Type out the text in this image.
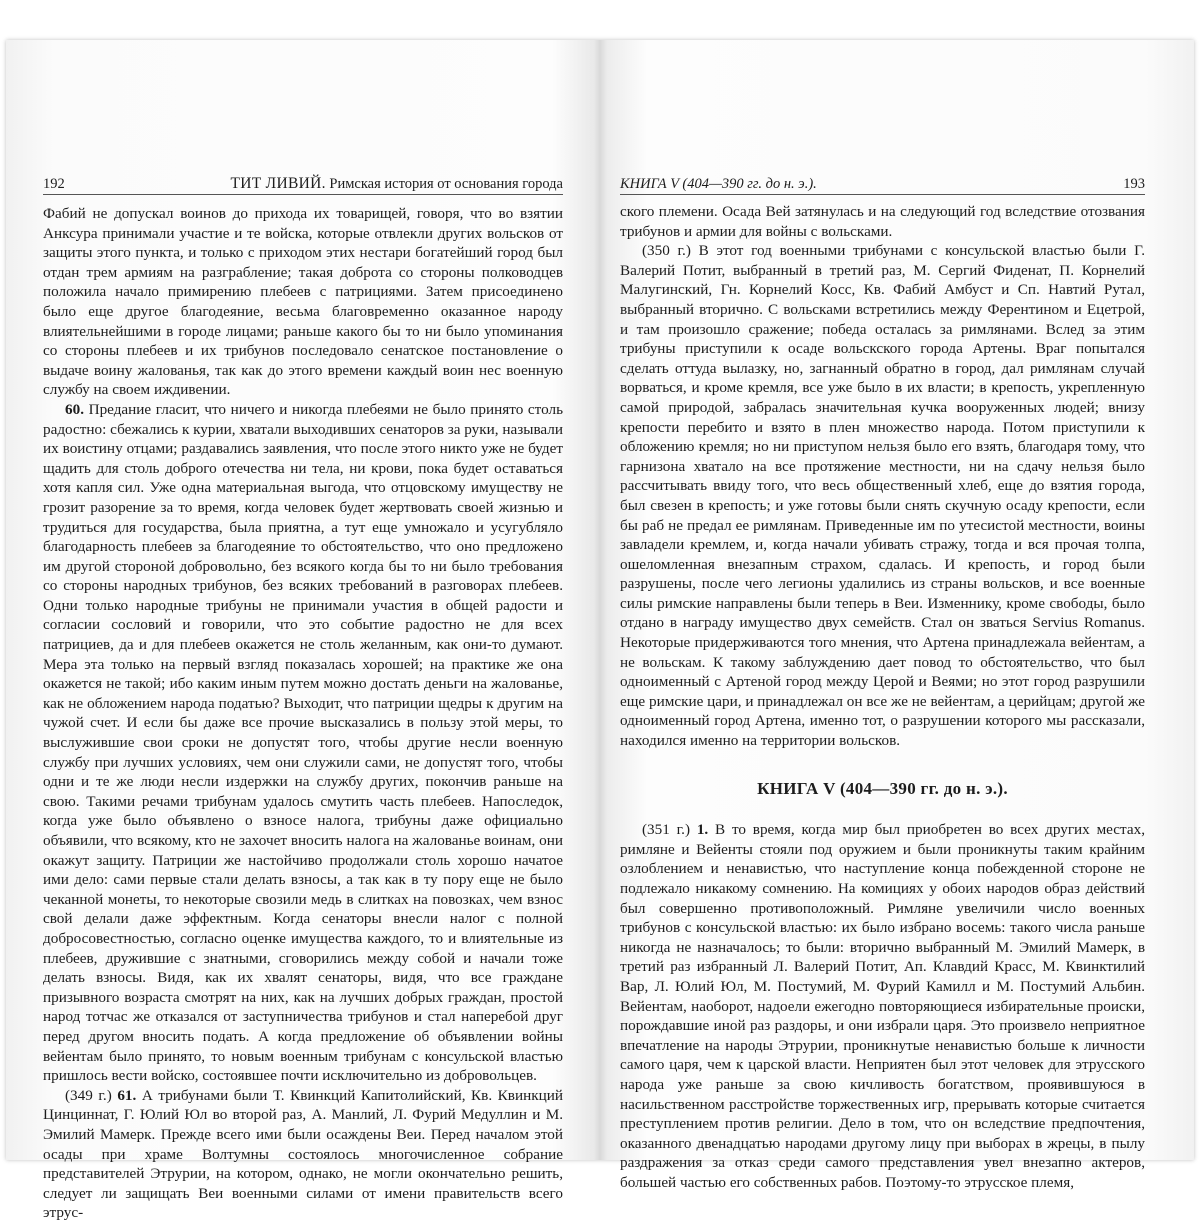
192	ТИТ ЛИВИЙ. Римская история от основания города

Фабий не допускал воинов до прихода их товарищей, говоря, что во взятии Анксура принимали участие и те войска, которые отвлекли других вольсков от защиты этого пункта, и только с приходом этих нестари богатейший город был отдан трем армиям на разграбление; такая доброта со стороны полководцев положила начало примирению плебеев с патрициями. Затем присоединено было еще другое благодеяние, весьма благовременно оказанное народу влиятельнейшими в городе лицами; раньше какого бы то ни было упоминания со стороны плебеев и их трибунов последовало сенатское постановление о выдаче воину жалованья, так как до этого времени каждый воин нес военную службу на своем иждивении.

60. Предание гласит, что ничего и никогда плебеями не было принято столь радостно: сбежались к курии, хватали выходивших сенаторов за руки, называли их воистину отцами; раздавались заявления, что после этого никто уже не будет щадить для столь доброго отечества ни тела, ни крови, пока будет оставаться хотя капля сил. Уже одна материальная выгода, что отцовскому имуществу не грозит разорение за то время, когда человек будет жертвовать своей жизнью и трудиться для государства, была приятна, а тут еще умножало и усугубляло благодарность плебеев за благодеяние то обстоятельство, что оно предложено им другой стороной добровольно, без всякого когда бы то ни было требования со стороны народных трибунов, без всяких требований в разговорах плебеев. Одни только народные трибуны не принимали участия в общей радости и согласии сословий и говорили, что это событие радостно не для всех патрициев, да и для плебеев окажется не столь желанным, как они-то думают. Мера эта только на первый взгляд показалась хорошей; на практике же она окажется не такой; ибо каким иным путем можно достать деньги на жалованье, как не обложением народа податью? Выходит, что патриции щедры к другим на чужой счет. И если бы даже все прочие высказались в пользу этой меры, то выслужившие свои сроки не допустят того, чтобы другие несли военную службу при лучших условиях, чем они служили сами, не допустят того, чтобы одни и те же люди несли издержки на службу других, покончив раньше на свою. Такими речами трибунам удалось смутить часть плебеев. Напоследок, когда уже было объявлено о взносе налога, трибуны даже официально объявили, что всякому, кто не захочет вносить налога на жалованье воинам, они окажут защиту. Патриции же настойчиво продолжали столь хорошо начатое ими дело: сами первые стали делать взносы, а так как в ту пору еще не было чеканной монеты, то некоторые свозили медь в слитках на повозках, чем взнос свой делали даже эффектным. Когда сенаторы внесли налог с полной добросовестностью, согласно оценке имущества каждого, то и влиятельные из плебеев, дружившие с знатными, сговорились между собой и начали тоже делать взносы. Видя, как их хвалят сенаторы, видя, что все граждане призывного возраста смотрят на них, как на лучших добрых граждан, простой народ тотчас же отказался от заступничества трибунов и стал наперебой друг перед другом вносить подать. А когда предложение об объявлении войны вейентам было принято, то новым военным трибунам с консульской властью пришлось вести войско, состоявшее почти исключительно из добровольцев.

(349 г.) 61. А трибунами были Т. Квинкций Капитолийский, Кв. Квинкций Цинциннат, Г. Юлий Юл во второй раз, А. Манлий, Л. Фурий Медуллин и М. Эмилий Мамерк. Прежде всего ими были осаждены Веи. Перед началом этой осады при храме Волтумны состоялось многочисленное собрание представителей Этрурии, на котором, однако, не могли окончательно решить, следует ли защищать Веи военными силами от имени правительств всего этрус-

КНИГА V (404—390 гг. до н. э.).	193

ского племени. Осада Вей затянулась и на следующий год вследствие отозвания трибунов и армии для войны с вольсками.

(350 г.) В этот год военными трибунами с консульской властью были Г. Валерий Потит, выбранный в третий раз, М. Сергий Фиденат, П. Корнелий Малугинский, Гн. Корнелий Косс, Кв. Фабий Амбуст и Сп. Навтий Рутал, выбранный вторично. С вольсками встретились между Ферентином и Ецетрой, и там произошло сражение; победа осталась за римлянами. Вслед за этим трибуны приступили к осаде вольскского города Артены. Враг попытался сделать оттуда вылазку, но, загнанный обратно в город, дал римлянам случай ворваться, и кроме кремля, все уже было в их власти; в крепость, укрепленную самой природой, забралась значительная кучка вооруженных людей; внизу крепости перебито и взято в плен множество народа. Потом приступили к обложению кремля; но ни приступом нельзя было его взять, благодаря тому, что гарнизона хватало на все протяжение местности, ни на сдачу нельзя было рассчитывать ввиду того, что весь общественный хлеб, еще до взятия города, был свезен в крепость; и уже готовы были снять скучную осаду крепости, если бы раб не предал ее римлянам. Приведенные им по утесистой местности, воины завладели кремлем, и, когда начали убивать стражу, тогда и вся прочая толпа, ошеломленная внезапным страхом, сдалась. И крепость, и город были разрушены, после чего легионы удалились из страны вольсков, и все военные силы римские направлены были теперь в Веи. Изменнику, кроме свободы, было отдано в награду имущество двух семейств. Стал он зваться Servius Romanus. Некоторые придерживаются того мнения, что Артена принадлежала вейентам, а не вольскам. К такому заблуждению дает повод то обстоятельство, что был одноименный с Артеной город между Церой и Веями; но этот город разрушили еще римские цари, и принадлежал он все же не вейентам, а церийцам; другой же одноименный город Артена, именно тот, о разрушении которого мы рассказали, находился именно на территории вольсков.

КНИГА V (404—390 гг. до н. э.).

(351 г.) 1. В то время, когда мир был приобретен во всех других местах, римляне и Вейенты стояли под оружием и были проникнуты таким крайним озлоблением и ненавистью, что наступление конца побежденной стороне не подлежало никакому сомнению. На комициях у обоих народов образ действий был совершенно противоположный. Римляне увеличили число военных трибунов с консульской властью: их было избрано восемь: такого числа раньше никогда не назначалось; то были: вторично выбранный М. Эмилий Мамерк, в третий раз избранный Л. Валерий Потит, Ап. Клавдий Красс, М. Квинктилий Вар, Л. Юлий Юл, М. Постумий, М. Фурий Камилл и М. Постумий Альбин. Вейентам, наоборот, надоели ежегодно повторяющиеся избирательные происки, порождавшие иной раз раздоры, и они избрали царя. Это произвело неприятное впечатление на народы Этрурии, проникнутые ненавистью больше к личности самого царя, чем к царской власти. Неприятен был этот человек для этрусского народа уже раньше за свою кичливость богатством, проявившуюся в насильственном расстройстве торжественных игр, прерывать которые считается преступлением против религии. Дело в том, что он вследствие предпочтения, оказанного двенадцатью народами другому лицу при выборах в жрецы, в пылу раздражения за отказ среди самого представления увел внезапно актеров, большей частью его собственных рабов. Поэтому-то этрусское племя,
